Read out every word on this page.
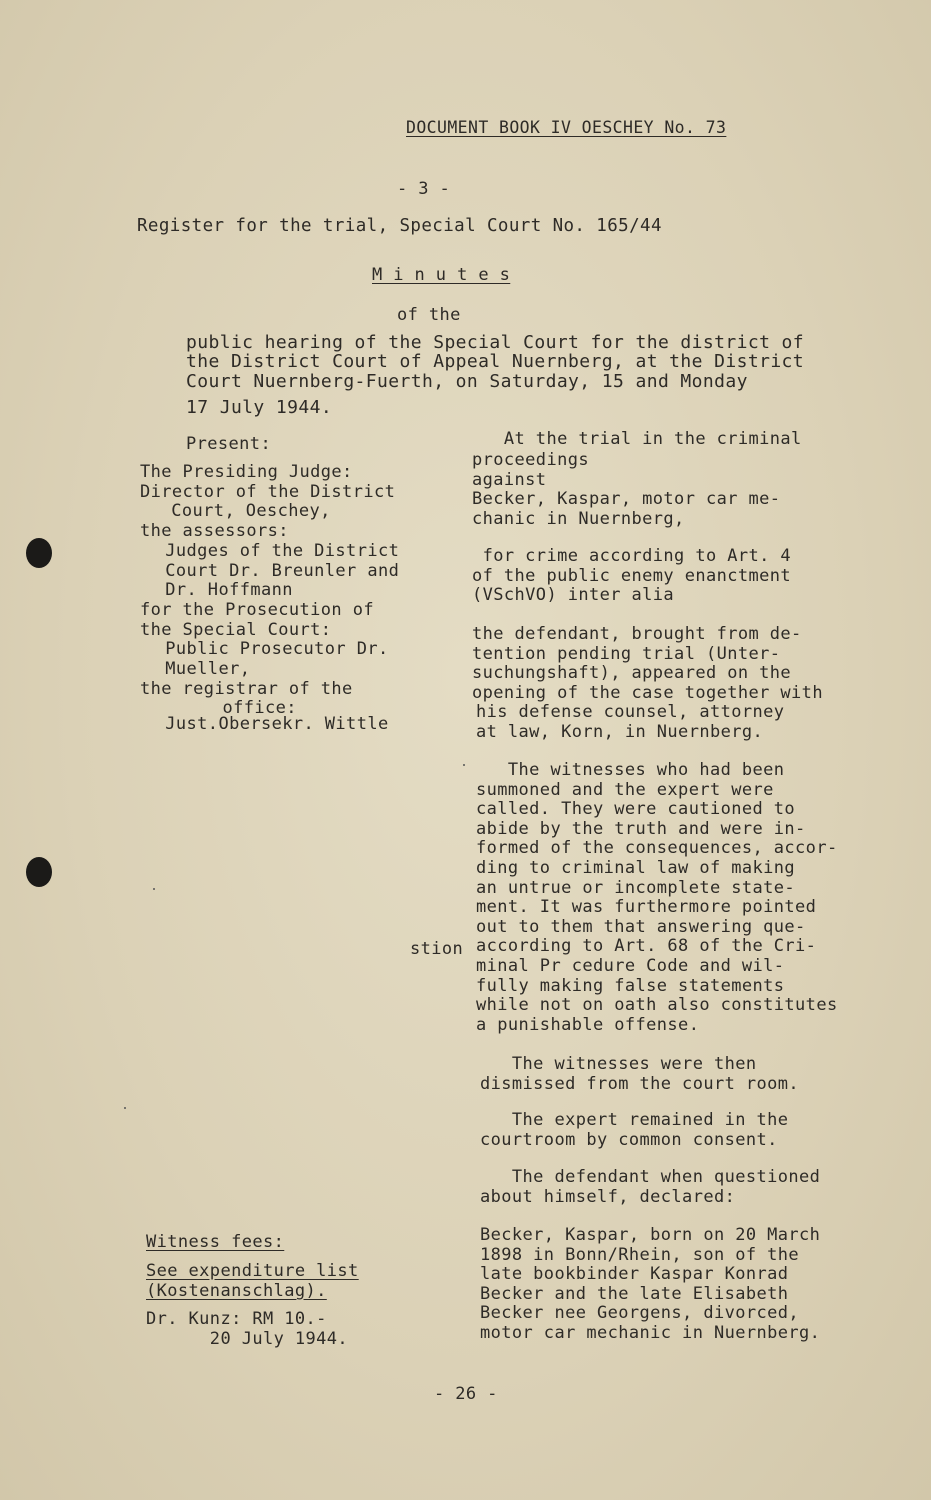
DOCUMENT BOOK IV OESCHEY No. 73
- 3 -
Register for the trial, Special Court No. 165/44
M i n u t e s
of the
public hearing of the Special Court for the district of
the District Court of Appeal Nuernberg, at the District
Court Nuernberg-Fuerth, on Saturday, 15 and Monday
17 July 1944.
Present:
The Presiding Judge:
Director of the District
Court, Oeschey,
the assessors:
Judges of the District
Court Dr. Breunler and
Dr. Hoffmann
for the Prosecution of
the Special Court:
Public Prosecutor Dr.
Mueller,
the registrar of the
office:
Just.Obersekr. Wittle
At the trial in the criminal
proceedings
against
Becker, Kaspar, motor car me-
chanic in Nuernberg,
for crime according to Art. 4
of the public enemy enanctment
(VSchVO) inter alia
the defendant, brought from de-
tention pending trial (Unter-
suchungshaft), appeared on the
opening of the case together with
his defense counsel, attorney
at law, Korn, in Nuernberg.
The witnesses who had been
summoned and the expert were
called. They were cautioned to
abide by the truth and were in-
formed of the consequences, accor-
ding to criminal law of making
an untrue or incomplete state-
ment. It was furthermore pointed
out to them that answering que-
according to Art. 68 of the Cri-
minal Pr cedure Code and wil-
fully making false statements
while not on oath also constitutes
a punishable offense.
stion
The witnesses were then
dismissed from the court room.
The expert remained in the
courtroom by common consent.
The defendant when questioned
about himself, declared:
Becker, Kaspar, born on 20 March
1898 in Bonn/Rhein, son of the
late bookbinder Kaspar Konrad
Becker and the late Elisabeth
Becker nee Georgens, divorced,
motor car mechanic in Nuernberg.
Witness fees:
See expenditure list
(Kostenanschlag).
Dr. Kunz: RM 10.-
20 July 1944.
- 26 -
